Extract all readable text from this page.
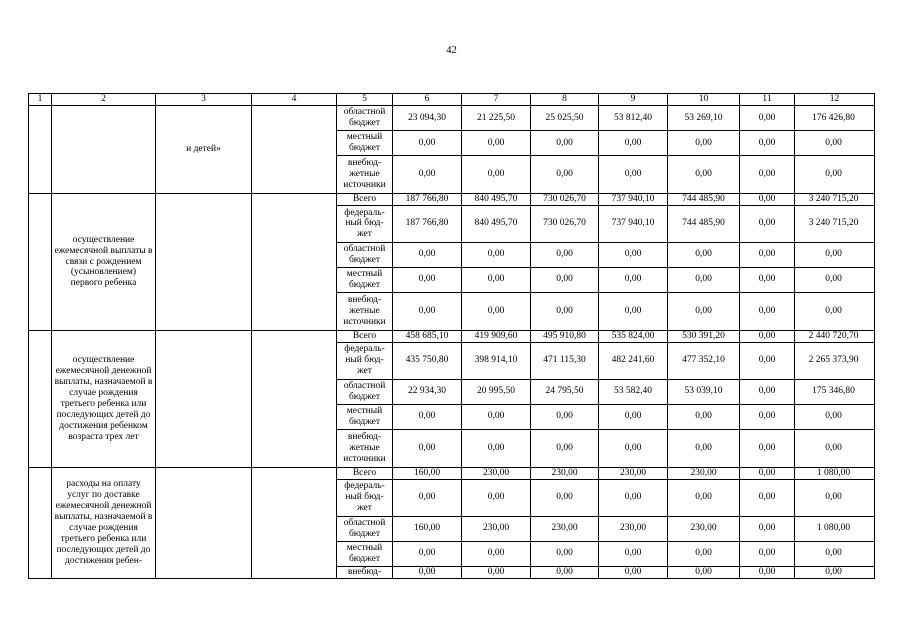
42
1	2	3	4	5	6	7	8	9	10	11	12
		и детей»		областной бюджет	23 094,30	21 225,50	25 025,50	53 812,40	53 269,10	0,00	176 426,80
				местный бюджет	0,00	0,00	0,00	0,00	0,00	0,00	0,00
				внебюд-жетные источники	0,00	0,00	0,00	0,00	0,00	0,00	0,00
	осуществление ежемесячной выплаты в связи с рождением (усыновлением) первого ребенка			Всего	187 766,80	840 495,70	730 026,70	737 940,10	744 485,90	0,00	3 240 715,20
				федераль-ный бюд-жет	187 766,80	840 495,70	730 026,70	737 940,10	744 485,90	0,00	3 240 715,20
				областной бюджет	0,00	0,00	0,00	0,00	0,00	0,00	0,00
				местный бюджет	0,00	0,00	0,00	0,00	0,00	0,00	0,00
				внебюд-жетные источники	0,00	0,00	0,00	0,00	0,00	0,00	0,00
	осуществление ежемесячной денежной выплаты, назначаемой в случае рождения третьего ребенка или последующих детей до достижения ребенком возраста трех лет			Всего	458 685,10	419 909,60	495 910,80	535 824,00	530 391,20	0,00	2 440 720,70
				федераль-ный бюд-жет	435 750,80	398 914,10	471 115,30	482 241,60	477 352,10	0,00	2 265 373,90
				областной бюджет	22 934,30	20 995,50	24 795,50	53 582,40	53 039,10	0,00	175 346,80
				местный бюджет	0,00	0,00	0,00	0,00	0,00	0,00	0,00
				внебюд-жетные источники	0,00	0,00	0,00	0,00	0,00	0,00	0,00
	расходы на оплату услуг по доставке ежемесячной денежной выплаты, назначаемой в случае рождения третьего ребенка или последующих детей до достижения ребен-			Всего	160,00	230,00	230,00	230,00	230,00	0,00	1 080,00
				федераль-ный бюд-жет	0,00	0,00	0,00	0,00	0,00	0,00	0,00
				областной бюджет	160,00	230,00	230,00	230,00	230,00	0,00	1 080,00
				местный бюджет	0,00	0,00	0,00	0,00	0,00	0,00	0,00
				внебюд-	0,00	0,00	0,00	0,00	0,00	0,00	0,00
